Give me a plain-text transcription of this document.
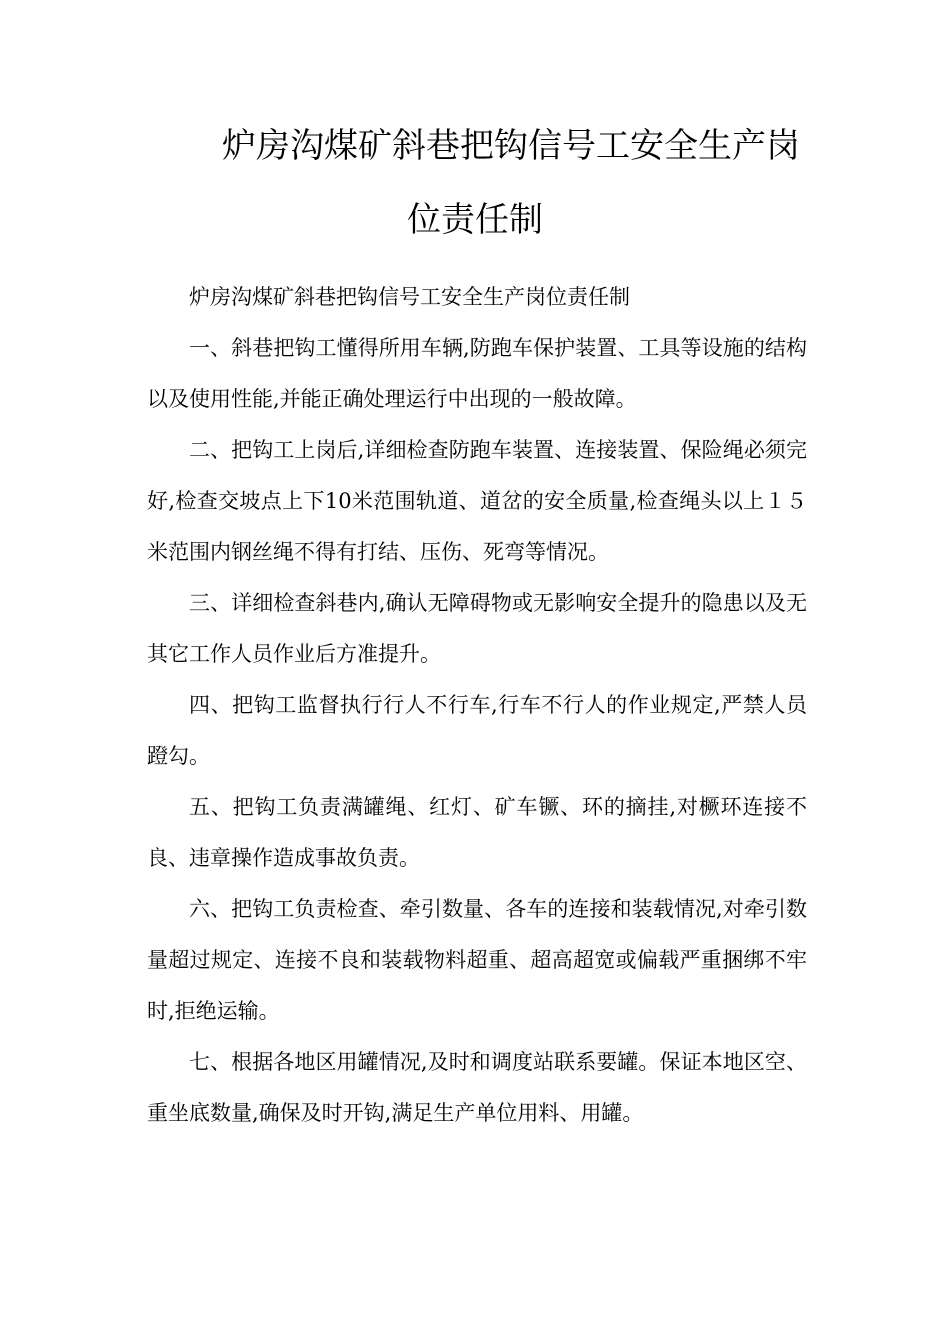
炉房沟煤矿斜巷把钩信号工安全生产岗
位责任制

炉房沟煤矿斜巷把钩信号工安全生产岗位责任制

一、斜巷把钩工懂得所用车辆,防跑车保护装置、工具等设施的结构以及使用性能,并能正确处理运行中出现的一般故障。

二、把钩工上岗后,详细检查防跑车装置、连接装置、保险绳必须完好,检查交坡点上下10米范围轨道、道岔的安全质量,检查绳头以上１５米范围内钢丝绳不得有打结、压伤、死弯等情况。

三、详细检查斜巷内,确认无障碍物或无影响安全提升的隐患以及无其它工作人员作业后方准提升。

四、把钩工监督执行行人不行车,行车不行人的作业规定,严禁人员蹬勾。

五、把钩工负责满罐绳、红灯、矿车镢、环的摘挂,对橛环连接不良、违章操作造成事故负责。

六、把钩工负责检查、牵引数量、各车的连接和装载情况,对牵引数量超过规定、连接不良和装载物料超重、超高超宽或偏载严重捆绑不牢时,拒绝运输。

七、根据各地区用罐情况,及时和调度站联系要罐。保证本地区空、重坐底数量,确保及时开钩,满足生产单位用料、用罐。
